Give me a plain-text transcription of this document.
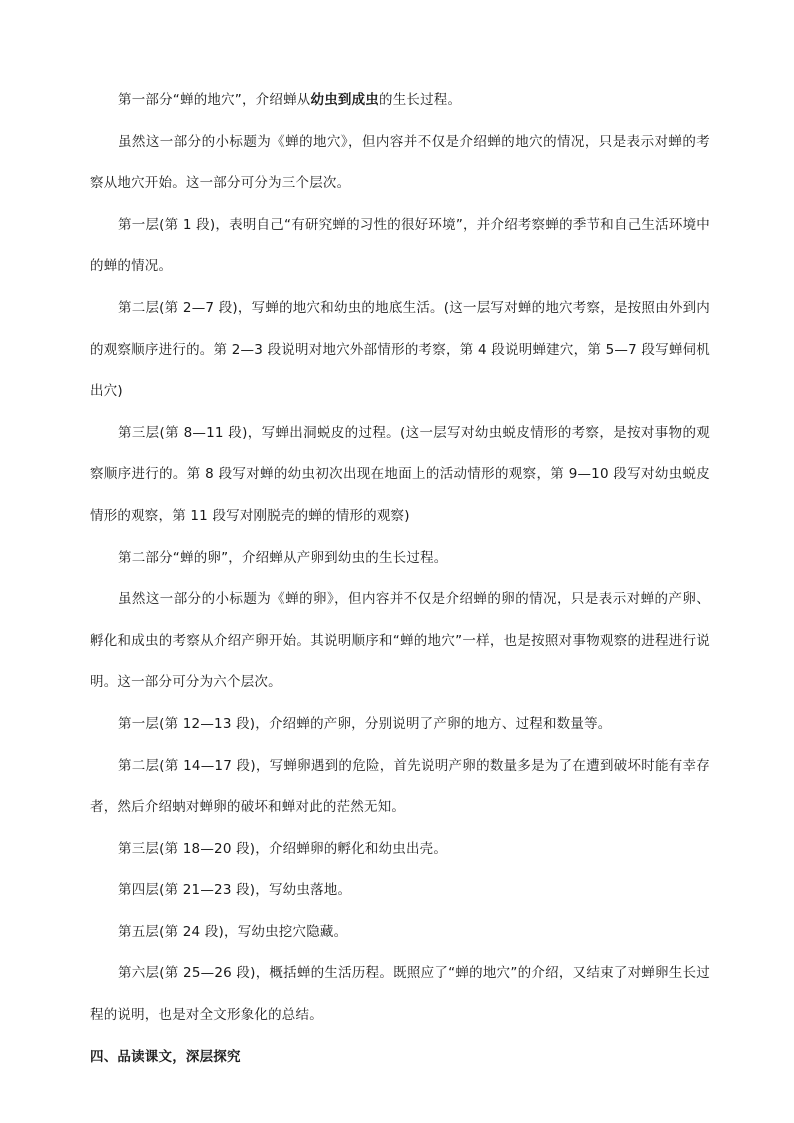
第一部分“蝉的地穴”，介绍蝉从幼虫到成虫的生长过程。

虽然这一部分的小标题为《蝉的地穴》，但内容并不仅是介绍蝉的地穴的情况，只是表示对蝉的考察从地穴开始。这一部分可分为三个层次。

第一层(第 1 段)，表明自己“有研究蝉的习性的很好环境”，并介绍考察蝉的季节和自己生活环境中的蝉的情况。

第二层(第 2—7 段)，写蝉的地穴和幼虫的地底生活。(这一层写对蝉的地穴考察，是按照由外到内的观察顺序进行的。第 2—3 段说明对地穴外部情形的考察，第 4 段说明蝉建穴，第 5—7 段写蝉伺机出穴)

第三层(第 8—11 段)，写蝉出洞蜕皮的过程。(这一层写对幼虫蜕皮情形的考察，是按对事物的观察顺序进行的。第 8 段写对蝉的幼虫初次出现在地面上的活动情形的观察，第 9—10 段写对幼虫蜕皮情形的观察，第 11 段写对刚脱壳的蝉的情形的观察)

第二部分“蝉的卵”，介绍蝉从产卵到幼虫的生长过程。

虽然这一部分的小标题为《蝉的卵》，但内容并不仅是介绍蝉的卵的情况，只是表示对蝉的产卵、孵化和成虫的考察从介绍产卵开始。其说明顺序和“蝉的地穴”一样，也是按照对事物观察的进程进行说明。这一部分可分为六个层次。

第一层(第 12—13 段)，介绍蝉的产卵，分别说明了产卵的地方、过程和数量等。

第二层(第 14—17 段)，写蝉卵遇到的危险，首先说明产卵的数量多是为了在遭到破坏时能有幸存者，然后介绍蚋对蝉卵的破坏和蝉对此的茫然无知。

第三层(第 18—20 段)，介绍蝉卵的孵化和幼虫出壳。

第四层(第 21—23 段)，写幼虫落地。

第五层(第 24 段)，写幼虫挖穴隐藏。

第六层(第 25—26 段)，概括蝉的生活历程。既照应了“蝉的地穴”的介绍，又结束了对蝉卵生长过程的说明，也是对全文形象化的总结。

四、品读课文，深层探究
